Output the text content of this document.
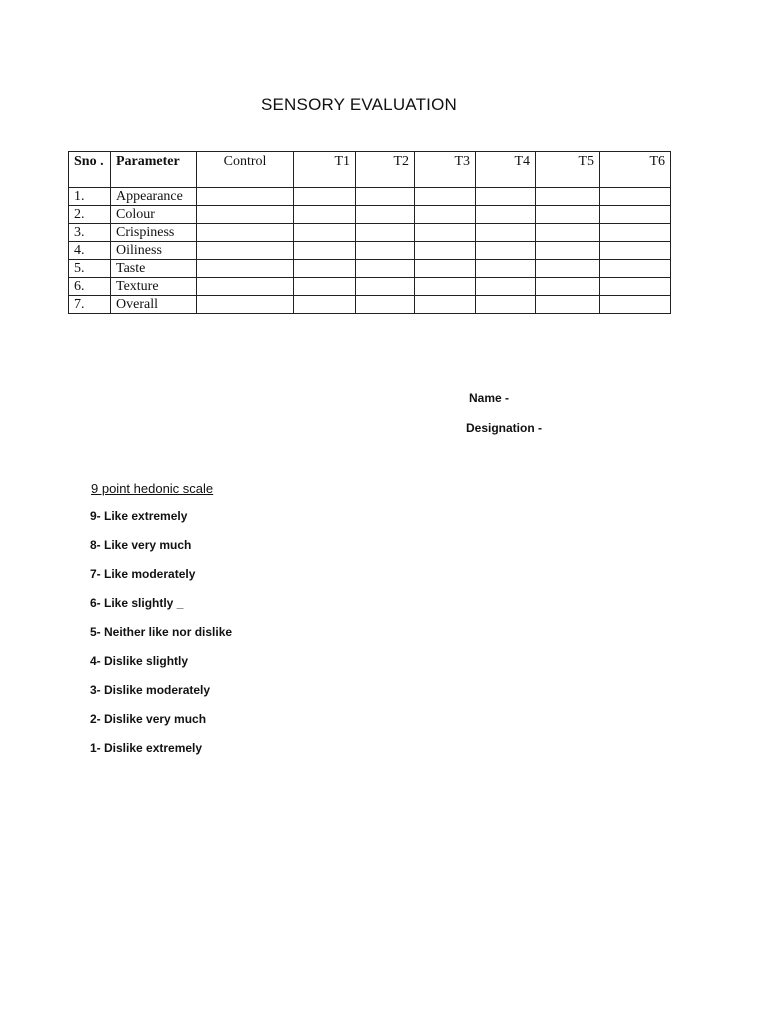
SENSORY EVALUATION
Sno .	Parameter	Control	T1	T2	T3	T4	T5	T6
1.	Appearance							
2.	Colour							
3.	Crispiness							
4.	Oiliness							
5.	Taste							
6.	Texture							
7.	Overall							
Name -
Designation -
9 point hedonic scale
9- Like extremely
8- Like very much
7- Like moderately
6- Like slightly _
5- Neither like nor dislike
4- Dislike slightly
3- Dislike moderately
2- Dislike very much
1- Dislike extremely
